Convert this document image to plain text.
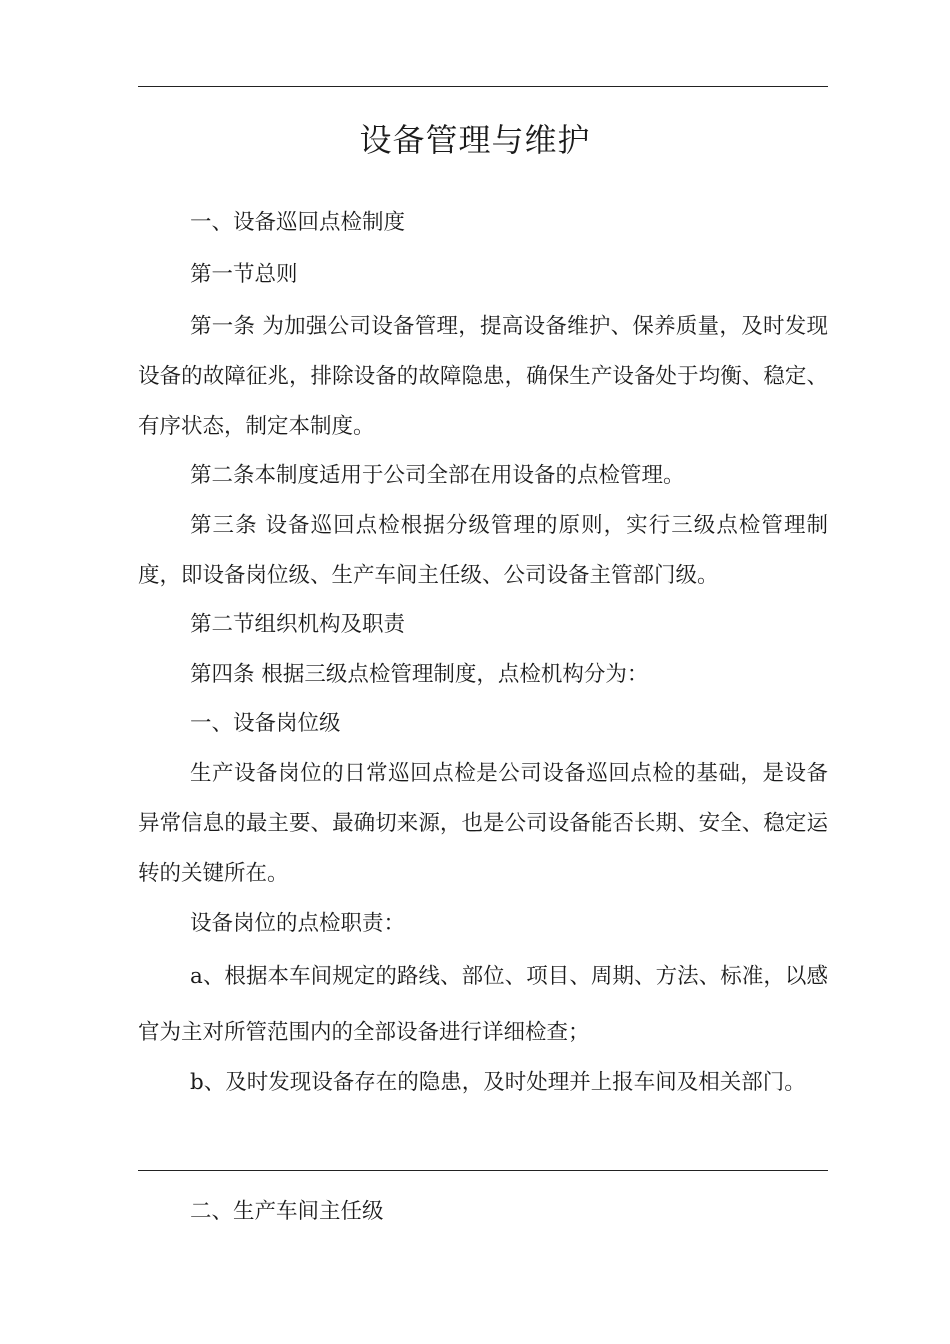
设备管理与维护

一、设备巡回点检制度

第一节总则

第一条 为加强公司设备管理，提高设备维护、保养质量，及时发现设备的故障征兆，排除设备的故障隐患，确保生产设备处于均衡、稳定、有序状态，制定本制度。

第二条本制度适用于公司全部在用设备的点检管理。

第三条 设备巡回点检根据分级管理的原则，实行三级点检管理制度，即设备岗位级、生产车间主任级、公司设备主管部门级。

第二节组织机构及职责

第四条 根据三级点检管理制度，点检机构分为：

一、设备岗位级

生产设备岗位的日常巡回点检是公司设备巡回点检的基础，是设备异常信息的最主要、最确切来源，也是公司设备能否长期、安全、稳定运转的关键所在。

设备岗位的点检职责：

a、根据本车间规定的路线、部位、项目、周期、方法、标准，以感官为主对所管范围内的全部设备进行详细检查；

b、及时发现设备存在的隐患，及时处理并上报车间及相关部门。

二、生产车间主任级
